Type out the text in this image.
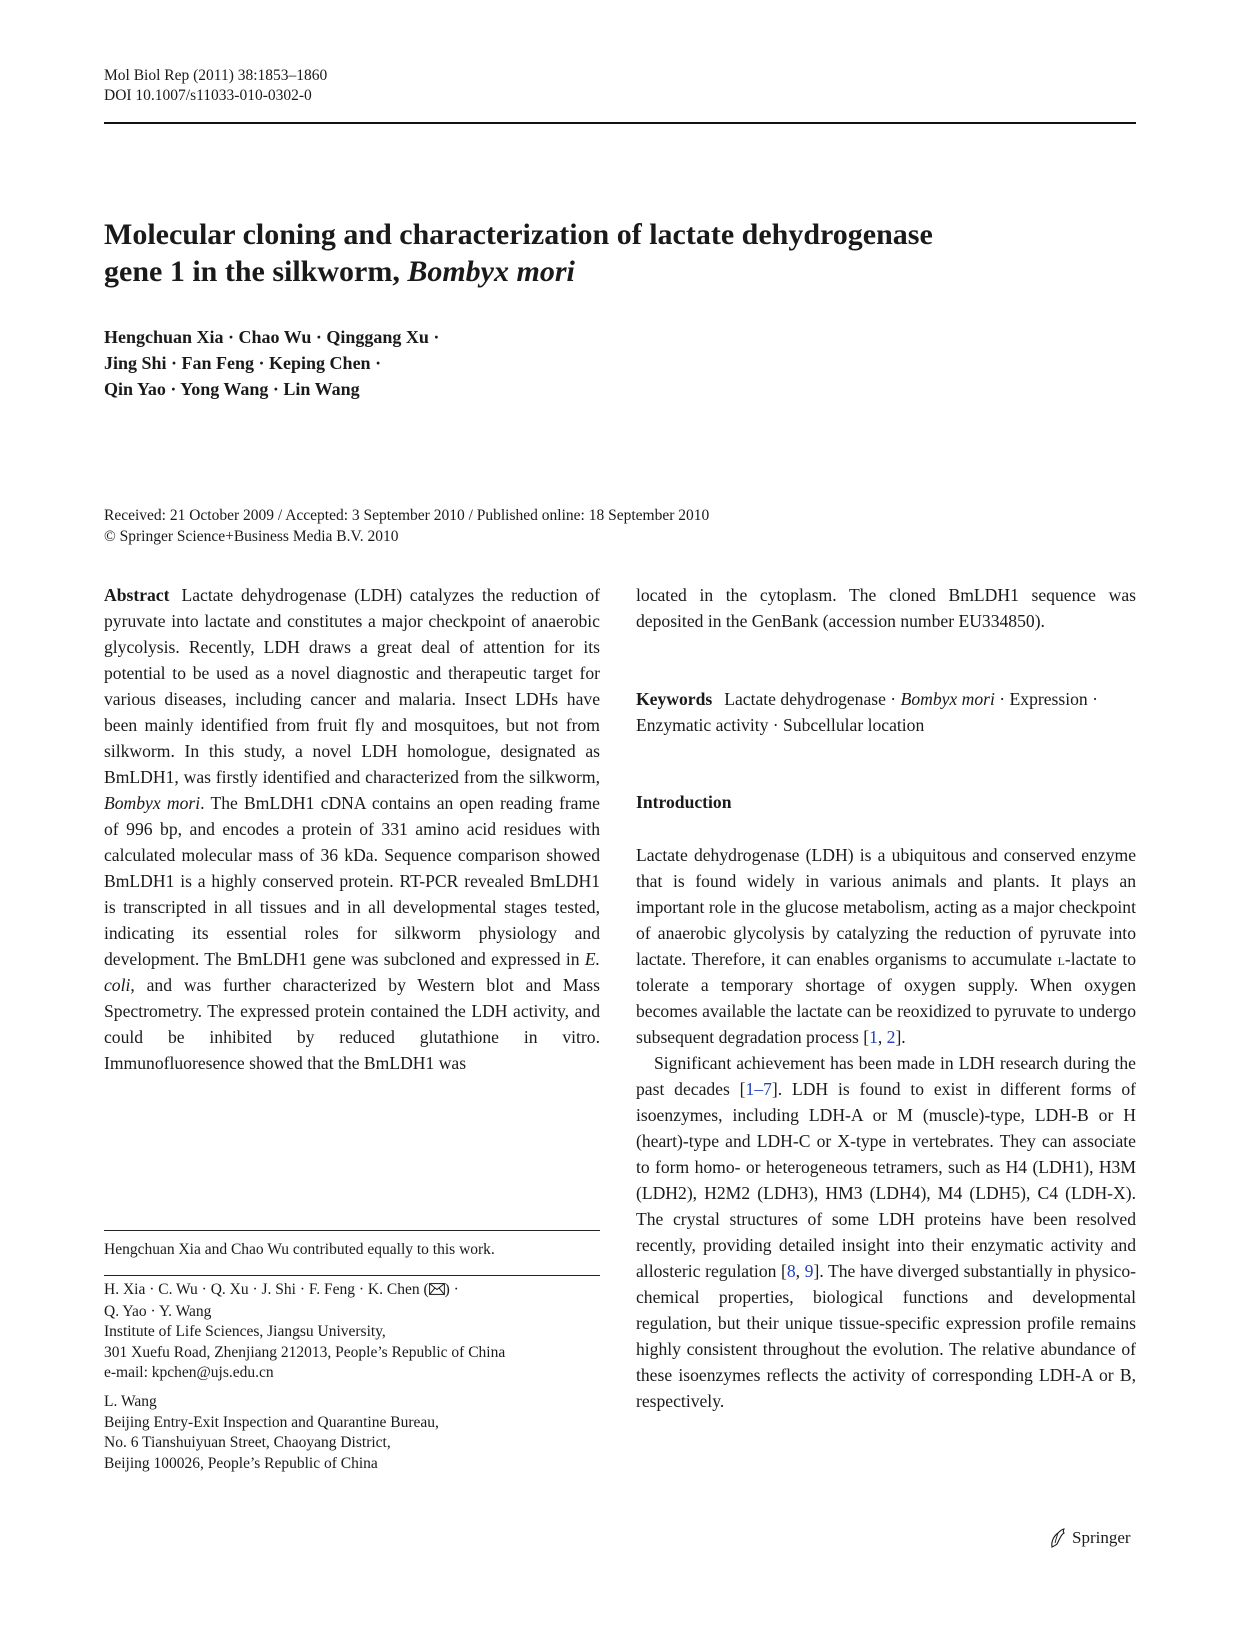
Mol Biol Rep (2011) 38:1853–1860
DOI 10.1007/s11033-010-0302-0
Molecular cloning and characterization of lactate dehydrogenase
gene 1 in the silkworm, Bombyx mori
Hengchuan Xia · Chao Wu · Qinggang Xu ·
Jing Shi · Fan Feng · Keping Chen ·
Qin Yao · Yong Wang · Lin Wang
Received: 21 October 2009 / Accepted: 3 September 2010 / Published online: 18 September 2010
© Springer Science+Business Media B.V. 2010
Abstract Lactate dehydrogenase (LDH) catalyzes the reduction of pyruvate into lactate and constitutes a major checkpoint of anaerobic glycolysis. Recently, LDH draws a great deal of attention for its potential to be used as a novel diagnostic and therapeutic target for various diseases, including cancer and malaria. Insect LDHs have been mainly identified from fruit fly and mosquitoes, but not from silkworm. In this study, a novel LDH homologue, designated as BmLDH1, was firstly identified and characterized from the silkworm, Bombyx mori. The BmLDH1 cDNA contains an open reading frame of 996 bp, and encodes a protein of 331 amino acid residues with calculated molecular mass of 36 kDa. Sequence comparison showed BmLDH1 is a highly conserved protein. RT-PCR revealed BmLDH1 is transcripted in all tissues and in all developmental stages tested, indicating its essential roles for silkworm physiology and development. The BmLDH1 gene was subcloned and expressed in E. coli, and was further characterized by Western blot and Mass Spectrometry. The expressed protein contained the LDH activity, and could be inhibited by reduced glutathione in vitro. Immunofluoresence showed that the BmLDH1 was
located in the cytoplasm. The cloned BmLDH1 sequence was deposited in the GenBank (accession number EU334850).
Keywords Lactate dehydrogenase · Bombyx mori · Expression · Enzymatic activity · Subcellular location
Introduction

Lactate dehydrogenase (LDH) is a ubiquitous and conserved enzyme that is found widely in various animals and plants. It plays an important role in the glucose metabolism, acting as a major checkpoint of anaerobic glycolysis by catalyzing the reduction of pyruvate into lactate. Therefore, it can enables organisms to accumulate l-lactate to tolerate a temporary shortage of oxygen supply. When oxygen becomes available the lactate can be reoxidized to pyruvate to undergo subsequent degradation process [1, 2].

Significant achievement has been made in LDH research during the past decades [1–7]. LDH is found to exist in different forms of isoenzymes, including LDH-A or M (muscle)-type, LDH-B or H (heart)-type and LDH-C or X-type in vertebrates. They can associate to form homo- or heterogeneous tetramers, such as H4 (LDH1), H3M (LDH2), H2M2 (LDH3), HM3 (LDH4), M4 (LDH5), C4 (LDH-X). The crystal structures of some LDH proteins have been resolved recently, providing detailed insight into their enzymatic activity and allosteric regulation [8, 9]. The have diverged substantially in physico-chemical properties, biological functions and developmental regulation, but their unique tissue-specific expression profile remains highly consistent throughout the evolution. The relative abundance of these isoenzymes reflects the activity of corresponding LDH-A or B, respectively.

Hengchuan Xia and Chao Wu contributed equally to this work.
H. Xia · C. Wu · Q. Xu · J. Shi · F. Feng · K. Chen ( ) ·
Q. Yao · Y. Wang
Institute of Life Sciences, Jiangsu University,
301 Xuefu Road, Zhenjiang 212013, People’s Republic of China
e-mail: kpchen@ujs.edu.cn
L. Wang
Beijing Entry-Exit Inspection and Quarantine Bureau,
No. 6 Tianshuiyuan Street, Chaoyang District,
Beijing 100026, People’s Republic of China
Springer
